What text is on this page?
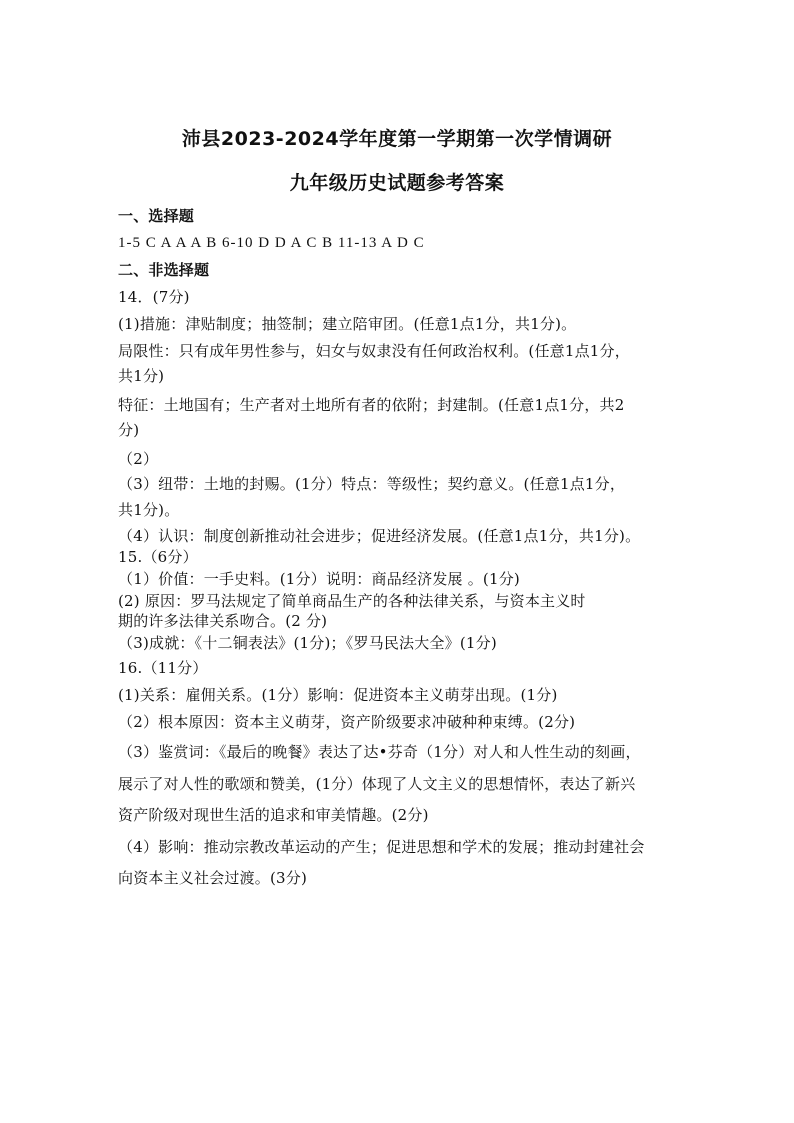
沛县2023-2024学年度第一学期第一次学情调研
九年级历史试题参考答案
一、选择题
1-5 C A A A B 6-10 D D A C B 11-13 A D C
二、非选择题
14．(7分)
(1)措施：津贴制度；抽签制；建立陪审团。(任意1点1分，共1分)。
局限性：只有成年男性参与，妇女与奴隶没有任何政治权利。(任意1点1分，
共1分)
特征：土地国有；生产者对土地所有者的依附；封建制。(任意1点1分，共2
分)
（2）
（3）纽带：土地的封赐。(1分）特点：等级性；契约意义。(任意1点1分，
共1分)。
（4）认识：制度创新推动社会进步；促进经济发展。(任意1点1分，共1分)。
15.（6分）
（1）价值：一手史料。(1分）说明：商品经济发展 。(1分)
(2) 原因：罗马法规定了简单商品生产的各种法律关系，与资本主义时
期的许多法律关系吻合。(2 分)
（3)成就：《十二铜表法》(1分)；《罗马民法大全》(1分)
16.（11分）
(1)关系：雇佣关系。(1分）影响：促进资本主义萌芽出现。(1分)
（2）根本原因：资本主义萌芽，资产阶级要求冲破种种束缚。(2分)
（3）鉴赏词：《最后的晚餐》表达了达•芬奇（1分）对人和人性生动的刻画，
展示了对人性的歌颂和赞美，(1分）体现了人文主义的思想情怀，表达了新兴
资产阶级对现世生活的追求和审美情趣。(2分)
（4）影响：推动宗教改革运动的产生；促进思想和学术的发展；推动封建社会
向资本主义社会过渡。(3分)
